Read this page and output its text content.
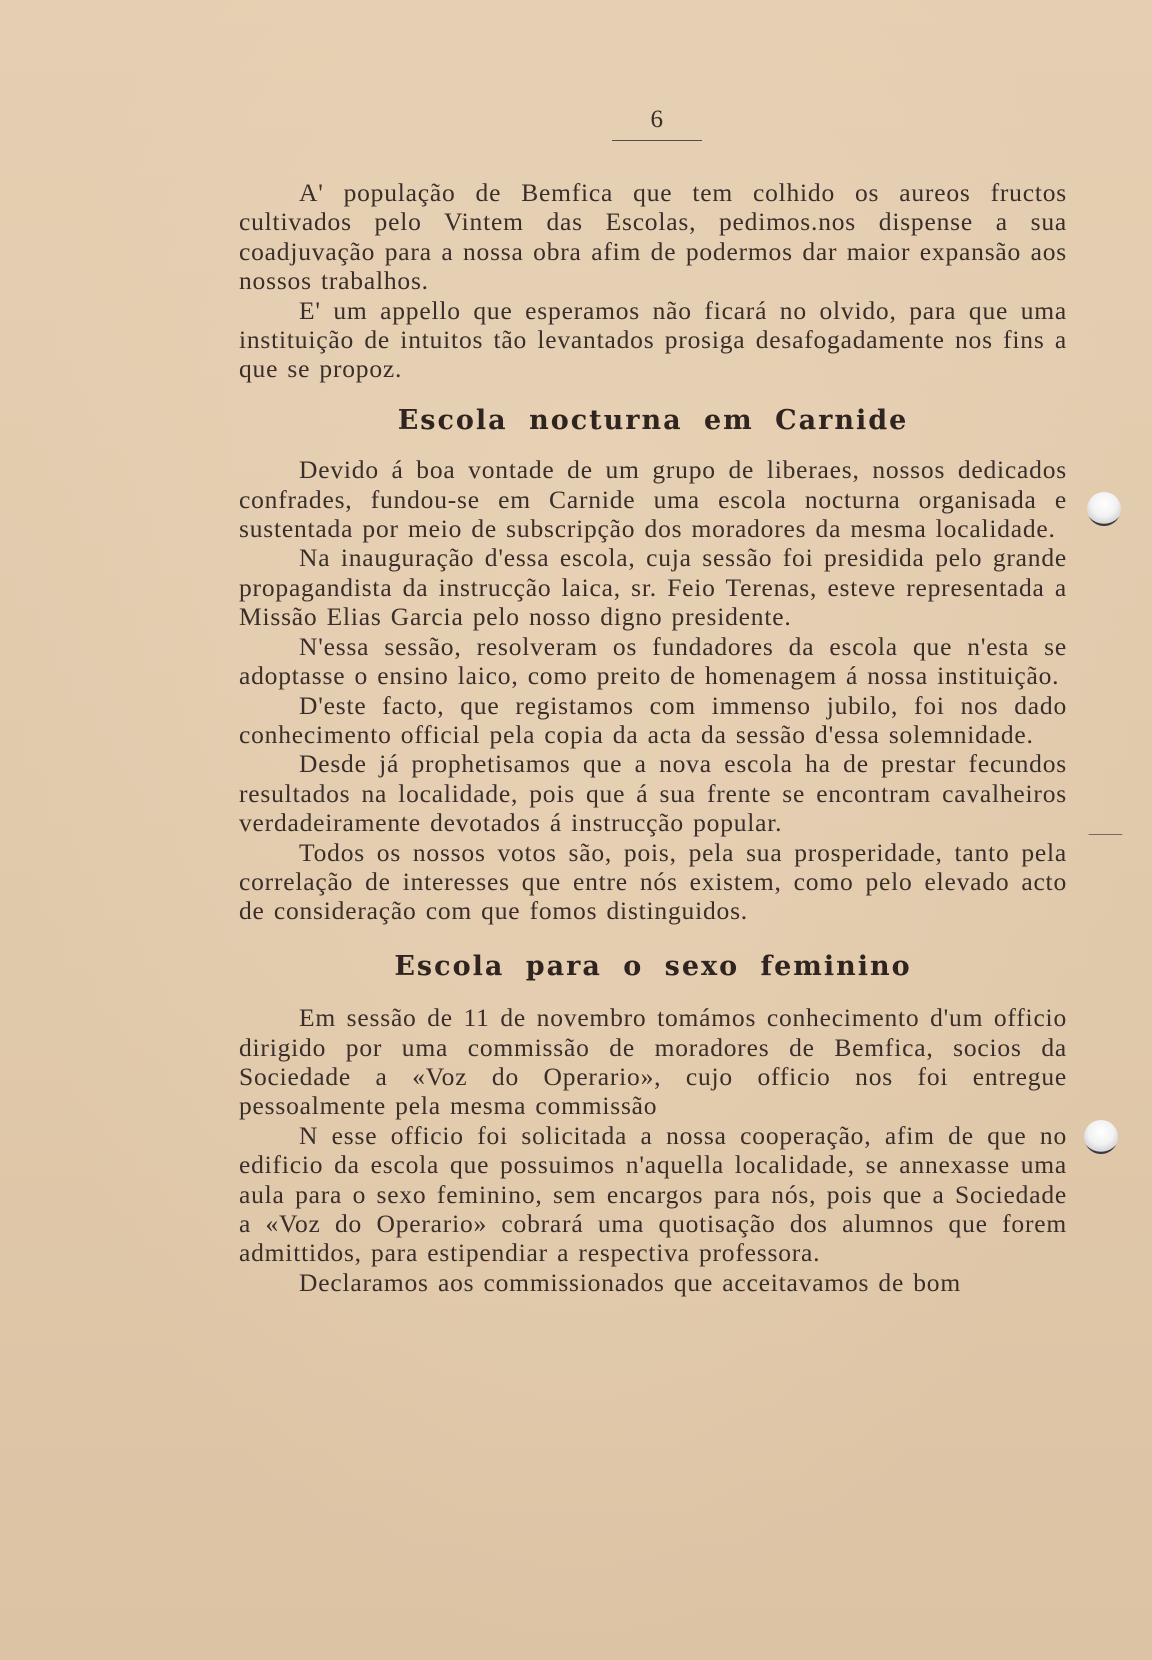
6

A' população de Bemfica que tem colhido os aureos fructos cultivados pelo Vintem das Escolas, pedimos.nos dispense a sua coadjuvação para a nossa obra afim de podermos dar maior expansão aos nossos trabalhos.

E' um appello que esperamos não ficará no olvido, para que uma instituição de intuitos tão levantados prosiga desafogadamente nos fins a que se propoz.

Escola nocturna em Carnide

Devido á boa vontade de um grupo de liberaes, nossos dedicados confrades, fundou-se em Carnide uma escola nocturna organisada e sustentada por meio de subscripção dos moradores da mesma localidade.

Na inauguração d'essa escola, cuja sessão foi presidida pelo grande propagandista da instrucção laica, sr. Feio Terenas, esteve representada a Missão Elias Garcia pelo nosso digno presidente.

N'essa sessão, resolveram os fundadores da escola que n'esta se adoptasse o ensino laico, como preito de homenagem á nossa instituição.

D'este facto, que registamos com immenso jubilo, foi nos dado conhecimento official pela copia da acta da sessão d'essa solemnidade.

Desde já prophetisamos que a nova escola ha de prestar fecundos resultados na localidade, pois que á sua frente se encontram cavalheiros verdadeiramente devotados á instrucção popular.

Todos os nossos votos são, pois, pela sua prosperidade, tanto pela correlação de interesses que entre nós existem, como pelo elevado acto de consideração com que fomos distinguidos.

Escola para o sexo feminino

Em sessão de 11 de novembro tomámos conhecimento d'um officio dirigido por uma commissão de moradores de Bemfica, socios da Sociedade a «Voz do Operario», cujo officio nos foi entregue pessoalmente pela mesma commissão

N esse officio foi solicitada a nossa cooperação, afim de que no edificio da escola que possuimos n'aquella localidade, se annexasse uma aula para o sexo feminino, sem encargos para nós, pois que a Sociedade a «Voz do Operario» cobrará uma quotisação dos alumnos que forem admittidos, para estipendiar a respectiva professora.

Declaramos aos commissionados que acceitavamos de bom

⸻
